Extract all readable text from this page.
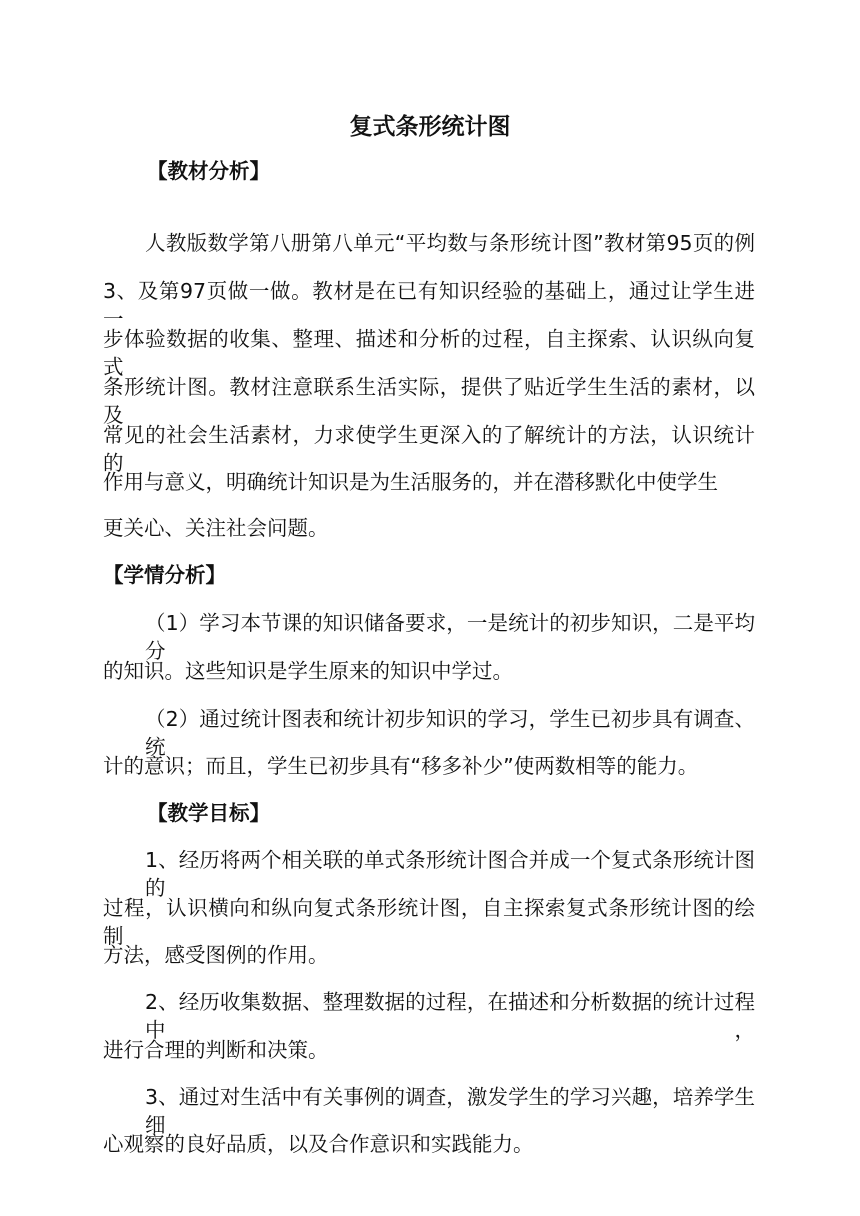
复式条形统计图
【教材分析】
人教版数学第八册第八单元“平均数与条形统计图”教材第95页的例
3、及第97页做一做。教材是在已有知识经验的基础上，通过让学生进一
步体验数据的收集、整理、描述和分析的过程，自主探索、认识纵向复式
条形统计图。教材注意联系生活实际，提供了贴近学生生活的素材，以及
常见的社会生活素材，力求使学生更深入的了解统计的方法，认识统计的
作用与意义，明确统计知识是为生活服务的，并在潜移默化中使学生
更关心、关注社会问题。
【学情分析】
（1）学习本节课的知识储备要求，一是统计的初步知识，二是平均分
的知识。这些知识是学生原来的知识中学过。
（2）通过统计图表和统计初步知识的学习，学生已初步具有调查、统
计的意识；而且，学生已初步具有“移多补少”使两数相等的能力。
【教学目标】
1、经历将两个相关联的单式条形统计图合并成一个复式条形统计图的
过程，认识横向和纵向复式条形统计图，自主探索复式条形统计图的绘制
方法，感受图例的作用。
2、经历收集数据、整理数据的过程，在描述和分析数据的统计过程中，
进行合理的判断和决策。
3、通过对生活中有关事例的调查，激发学生的学习兴趣，培养学生细
心观察的良好品质，以及合作意识和实践能力。
